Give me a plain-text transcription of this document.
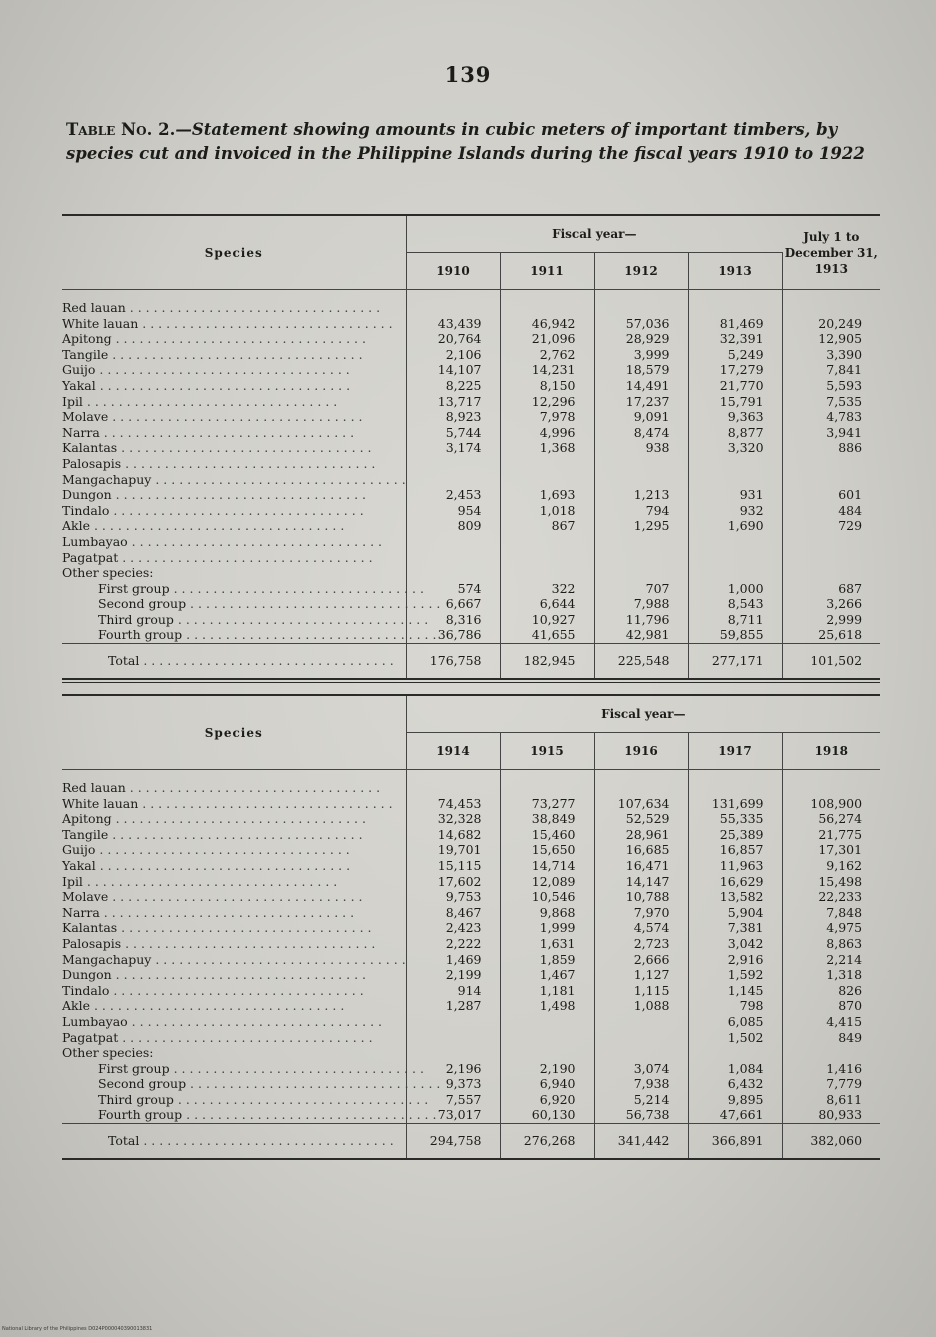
139
Table No. 2.—Statement showing amounts in cubic meters of important timbers, by species cut and invoiced in the Philippine Islands during the fiscal years 1910 to 1922
Species	Fiscal year—				July 1 to December 31, 1913
	1910	1911	1912	1913	
Red lauan . . . . . . . . . . . . . . . . . . . . . . . . . . . . . . . .					
White lauan . . . . . . . . . . . . . . . . . . . . . . . . . . . . . . . .	43,439	46,942	57,036	81,469	20,249
Apitong . . . . . . . . . . . . . . . . . . . . . . . . . . . . . . . .	20,764	21,096	28,929	32,391	12,905
Tangile . . . . . . . . . . . . . . . . . . . . . . . . . . . . . . . .	2,106	2,762	3,999	5,249	3,390
Guijo . . . . . . . . . . . . . . . . . . . . . . . . . . . . . . . .	14,107	14,231	18,579	17,279	7,841
Yakal . . . . . . . . . . . . . . . . . . . . . . . . . . . . . . . .	8,225	8,150	14,491	21,770	5,593
Ipil . . . . . . . . . . . . . . . . . . . . . . . . . . . . . . . .	13,717	12,296	17,237	15,791	7,535
Molave . . . . . . . . . . . . . . . . . . . . . . . . . . . . . . . .	8,923	7,978	9,091	9,363	4,783
Narra . . . . . . . . . . . . . . . . . . . . . . . . . . . . . . . .	5,744	4,996	8,474	8,877	3,941
Kalantas . . . . . . . . . . . . . . . . . . . . . . . . . . . . . . . .	3,174	1,368	938	3,320	886
Palosapis . . . . . . . . . . . . . . . . . . . . . . . . . . . . . . . .					
Mangachapuy . . . . . . . . . . . . . . . . . . . . . . . . . . . . . . . .					
Dungon . . . . . . . . . . . . . . . . . . . . . . . . . . . . . . . .	2,453	1,693	1,213	931	601
Tindalo . . . . . . . . . . . . . . . . . . . . . . . . . . . . . . . .	954	1,018	794	932	484
Akle . . . . . . . . . . . . . . . . . . . . . . . . . . . . . . . .	809	867	1,295	1,690	729
Lumbayao . . . . . . . . . . . . . . . . . . . . . . . . . . . . . . . .					
Pagatpat . . . . . . . . . . . . . . . . . . . . . . . . . . . . . . . .					
Other species:					
First group . . . . . . . . . . . . . . . . . . . . . . . . . . . . . . . .	574	322	707	1,000	687
Second group . . . . . . . . . . . . . . . . . . . . . . . . . . . . . . . .	6,667	6,644	7,988	8,543	3,266
Third group . . . . . . . . . . . . . . . . . . . . . . . . . . . . . . . .	8,316	10,927	11,796	8,711	2,999
Fourth group . . . . . . . . . . . . . . . . . . . . . . . . . . . . . . . .	36,786	41,655	42,981	59,855	25,618
Total . . . . . . . . . . . . . . . . . . . . . . . . . . . . . . . .	176,758	182,945	225,548	277,171	101,502
Species	Fiscal year—				
	1914	1915	1916	1917	1918
Red lauan . . . . . . . . . . . . . . . . . . . . . . . . . . . . . . . .					
White lauan . . . . . . . . . . . . . . . . . . . . . . . . . . . . . . . .	74,453	73,277	107,634	131,699	108,900
Apitong . . . . . . . . . . . . . . . . . . . . . . . . . . . . . . . .	32,328	38,849	52,529	55,335	56,274
Tangile . . . . . . . . . . . . . . . . . . . . . . . . . . . . . . . .	14,682	15,460	28,961	25,389	21,775
Guijo . . . . . . . . . . . . . . . . . . . . . . . . . . . . . . . .	19,701	15,650	16,685	16,857	17,301
Yakal . . . . . . . . . . . . . . . . . . . . . . . . . . . . . . . .	15,115	14,714	16,471	11,963	9,162
Ipil . . . . . . . . . . . . . . . . . . . . . . . . . . . . . . . .	17,602	12,089	14,147	16,629	15,498
Molave . . . . . . . . . . . . . . . . . . . . . . . . . . . . . . . .	9,753	10,546	10,788	13,582	22,233
Narra . . . . . . . . . . . . . . . . . . . . . . . . . . . . . . . .	8,467	9,868	7,970	5,904	7,848
Kalantas . . . . . . . . . . . . . . . . . . . . . . . . . . . . . . . .	2,423	1,999	4,574	7,381	4,975
Palosapis . . . . . . . . . . . . . . . . . . . . . . . . . . . . . . . .	2,222	1,631	2,723	3,042	8,863
Mangachapuy . . . . . . . . . . . . . . . . . . . . . . . . . . . . . . . .	1,469	1,859	2,666	2,916	2,214
Dungon . . . . . . . . . . . . . . . . . . . . . . . . . . . . . . . .	2,199	1,467	1,127	1,592	1,318
Tindalo . . . . . . . . . . . . . . . . . . . . . . . . . . . . . . . .	914	1,181	1,115	1,145	826
Akle . . . . . . . . . . . . . . . . . . . . . . . . . . . . . . . .	1,287	1,498	1,088	798	870
Lumbayao . . . . . . . . . . . . . . . . . . . . . . . . . . . . . . . .				6,085	4,415
Pagatpat . . . . . . . . . . . . . . . . . . . . . . . . . . . . . . . .				1,502	849
Other species:					
First group . . . . . . . . . . . . . . . . . . . . . . . . . . . . . . . .	2,196	2,190	3,074	1,084	1,416
Second group . . . . . . . . . . . . . . . . . . . . . . . . . . . . . . . .	9,373	6,940	7,938	6,432	7,779
Third group . . . . . . . . . . . . . . . . . . . . . . . . . . . . . . . .	7,557	6,920	5,214	9,895	8,611
Fourth group . . . . . . . . . . . . . . . . . . . . . . . . . . . . . . . .	73,017	60,130	56,738	47,661	80,933
Total . . . . . . . . . . . . . . . . . . . . . . . . . . . . . . . .	294,758	276,268	341,442	366,891	382,060
National Library of the Philippines D024P000040390013831
